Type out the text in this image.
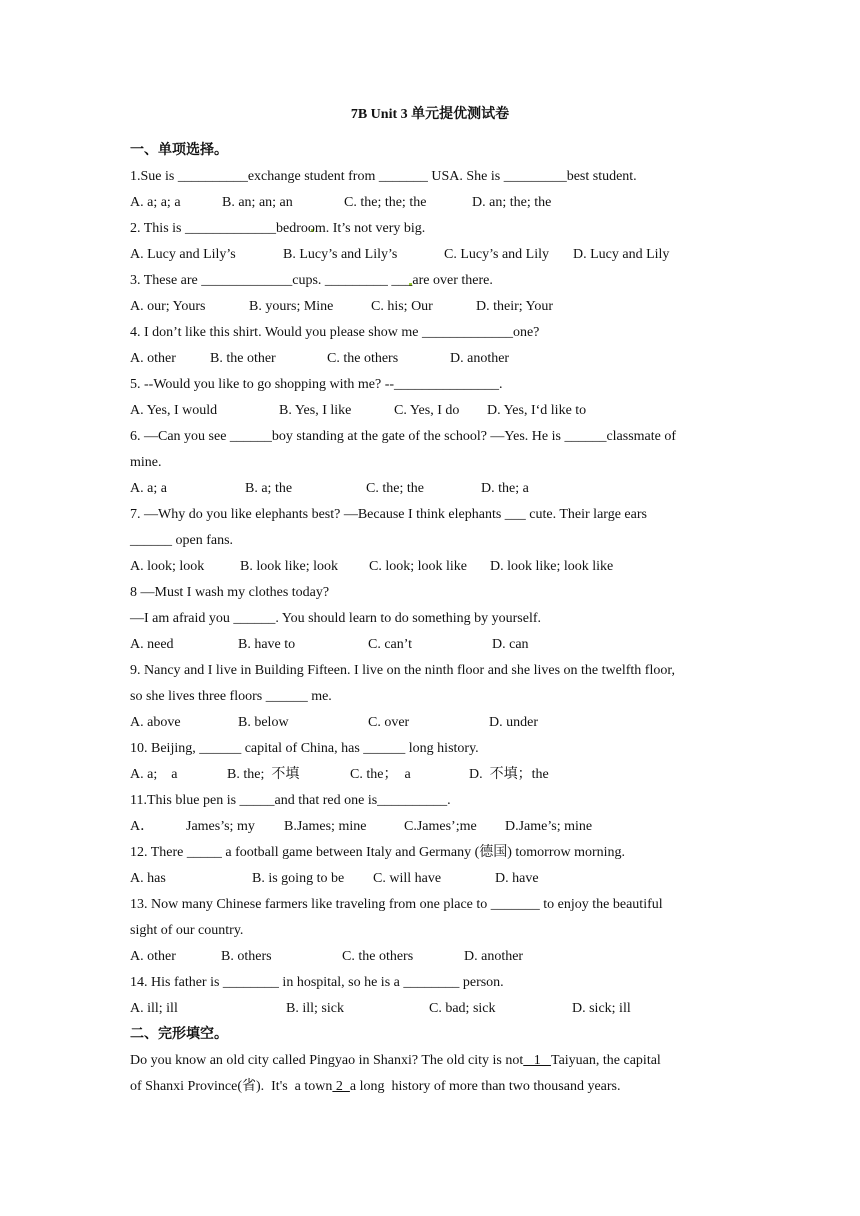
7B Unit 3 单元提优测试卷
一、单项选择。
1.Sue is __________exchange student from _______ USA. She is _________best student.
A. a; a; a	B. an; an; an	C. the; the; the	D. an; the; the
2. This is _____________bedroom. It’s not very big.
A. Lucy and Lily’s	B. Lucy’s and Lily’s	C. Lucy’s and Lily	D. Lucy and Lily
3. These are _____________cups. _________ ___are over there.
A. our; Yours	B. yours; Mine	C. his; Our	D. their; Your
4. I don’t like this shirt. Would you please show me _____________one?
A. other	B. the other	C. the others	D. another
5. --Would you like to go shopping with me? --_______________.
A. Yes, I would	B. Yes, I like	C. Yes, I do	D. Yes, I‘d like to
6. —Can you see ______boy standing at the gate of the school? —Yes. He is ______classmate of
mine.
A. a; a	B. a; the	C. the; the	D. the; a
7. —Why do you like elephants best? —Because I think elephants ___ cute. Their large ears
______ open fans.
A. look; look	B. look like; look	C. look; look like	D. look like; look like
8 —Must I wash my clothes today?
—I am afraid you ______. You should learn to do something by yourself.
A. need	B. have to	C. can’t	D. can
9. Nancy and I live in Building Fifteen. I live on the ninth floor and she lives on the twelfth floor,
so she lives three floors ______ me.
A. above	B. below	C. over	D. under
10. Beijing, ______ capital of China, has ______ long history.
A. a;    a	B. the;  不填	C. the；  a	D.  不填；the
11.This blue pen is _____and that red one is__________.
A．	James’s; my	B.James; mine	C.James’;me	D.Jame’s; mine
12. There _____ a football game between Italy and Germany (德国) tomorrow morning.
A. has	B. is going to be	C. will have	D. have
13. Now many Chinese farmers like traveling from one place to _______ to enjoy the beautiful
sight of our country.
A. other	B. others	C. the others	D. another
14. His father is ________ in hospital, so he is a ________ person.
A. ill; ill	B. ill; sick	C. bad; sick	D. sick; ill
二、完形填空。
Do you know an old city called Pingyao in Shanxi? The old city is not   1   Taiyuan, the capital
of Shanxi Province(省).  It's  a town 2  a long  history of more than two thousand years.
